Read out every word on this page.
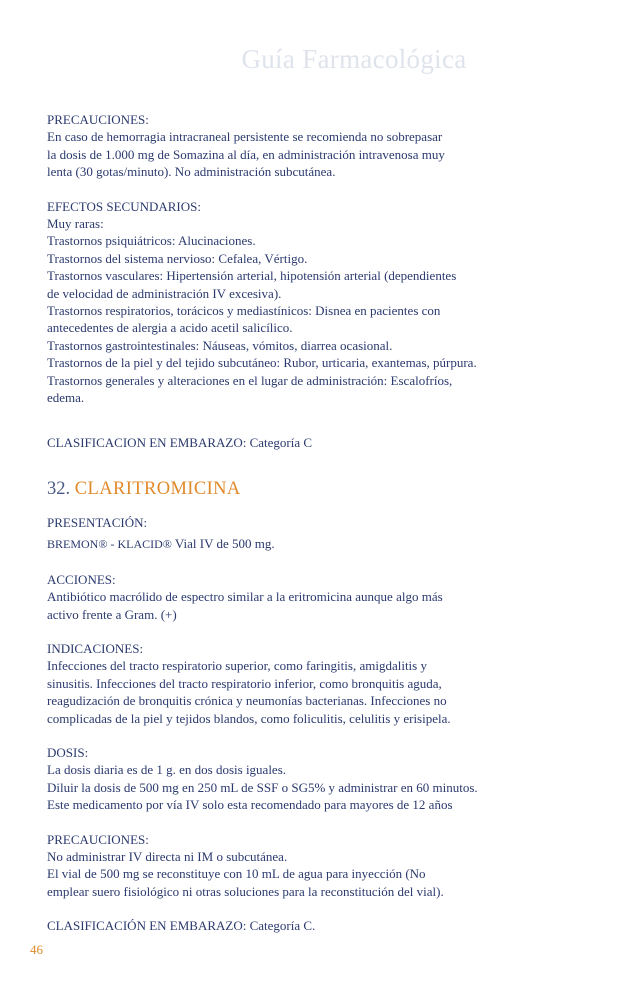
Guía Farmacológica
PRECAUCIONES:
En caso de hemorragia intracraneal persistente se recomienda no sobrepasar
la dosis de 1.000 mg de Somazina al día, en administración intravenosa muy
lenta (30 gotas/minuto). No administración subcutánea.
EFECTOS SECUNDARIOS:
Muy raras:
Trastornos psiquiátricos: Alucinaciones.
Trastornos del sistema nervioso: Cefalea, Vértigo.
Trastornos vasculares: Hipertensión arterial, hipotensión arterial (dependientes
de velocidad de administración IV excesiva).
Trastornos respiratorios, torácicos y mediastínicos: Disnea en pacientes con
antecedentes de alergia a acido acetil salicílico.
Trastornos gastrointestinales: Náuseas, vómitos, diarrea ocasional.
Trastornos de la piel y del tejido subcutáneo: Rubor, urticaria, exantemas, púrpura.
Trastornos generales y alteraciones en el lugar de administración: Escalofríos,
edema.
CLASIFICACION EN EMBARAZO: Categoría C
32. CLARITROMICINA
PRESENTACIÓN:
BREMON® - KLACID® Vial IV de 500 mg.
ACCIONES:
Antibiótico macrólido de espectro similar a la eritromicina aunque algo más
activo frente a Gram. (+)
INDICACIONES:
Infecciones del tracto respiratorio superior, como faringitis, amigdalitis y
sinusitis. Infecciones del tracto respiratorio inferior, como bronquitis aguda,
reagudización de bronquitis crónica y neumonías bacterianas. Infecciones no
complicadas de la piel y tejidos blandos, como foliculitis, celulitis y erisipela.
DOSIS:
La dosis diaria es de 1 g. en dos dosis iguales.
Diluir la dosis de 500 mg en 250 mL de SSF o SG5% y administrar en 60 minutos.
Este medicamento por vía IV solo esta recomendado para mayores de 12 años
PRECAUCIONES:
No administrar IV directa ni IM o subcutánea.
El vial de 500 mg se reconstituye con 10 mL de agua para inyección (No
emplear suero fisiológico ni otras soluciones para la reconstitución del vial).
CLASIFICACIÓN EN EMBARAZO: Categoría C.
46
